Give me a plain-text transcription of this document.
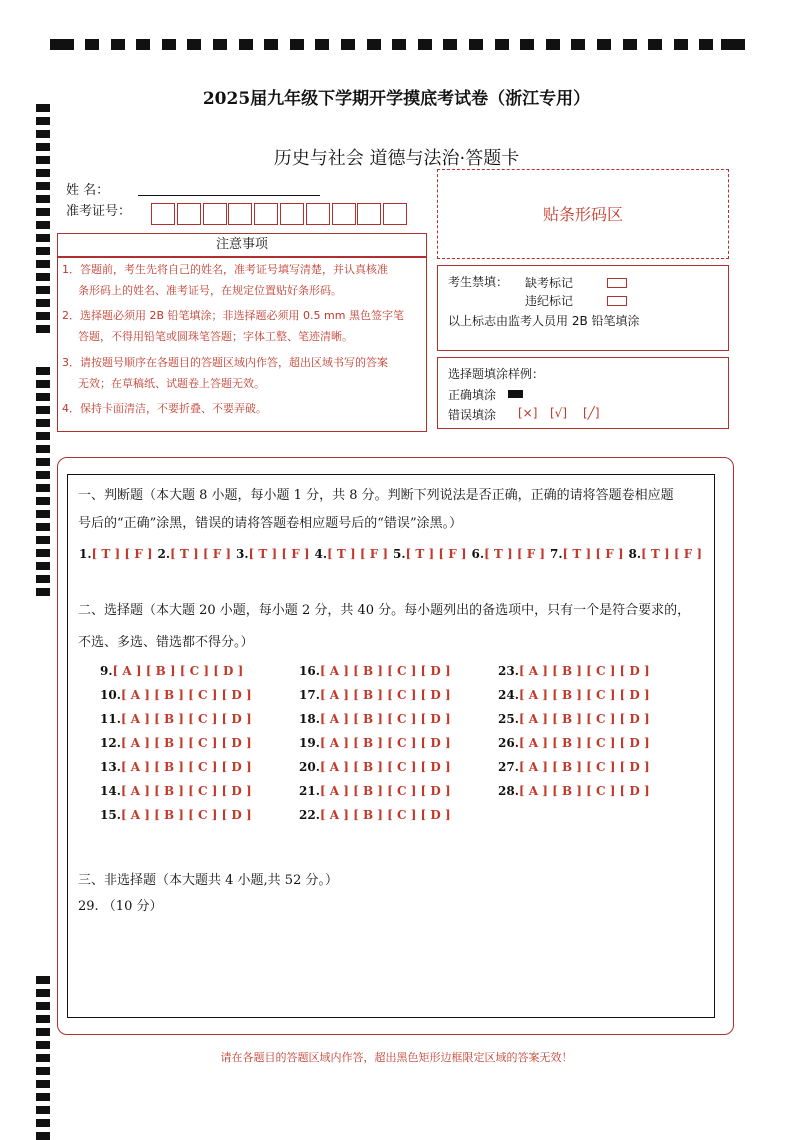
2025届九年级下学期开学摸底考试卷（浙江专用）
历史与社会 道德与法治·答题卡
姓 名：
准考证号：	贴条形码区
注意事项
1．答题前，考生先将自己的姓名，准考证号填写清楚，并认真核准
条形码上的姓名、准考证号，在规定位置贴好条形码。
2．选择题必须用 2B 铅笔填涂；非选择题必须用 0.5 mm 黑色签字笔
答题，不得用铅笔或圆珠笔答题；字体工整、笔迹清晰。
3．请按题号顺序在各题目的答题区域内作答，超出区域书写的答案
无效；在草稿纸、试题卷上答题无效。
4．保持卡面清洁，不要折叠、不要弄破。
考生禁填： 缺考标记
违纪标记
以上标志由监考人员用 2B 铅笔填涂
选择题填涂样例：
正确填涂
错误填涂 [×] [√] [╱]
一、判断题（本大题 8 小题，每小题 1 分，共 8 分。判断下列说法是否正确，正确的请将答题卷相应题
号后的“正确”涂黑，错误的请将答题卷相应题号后的“错误”涂黑。）
1.[ T ] [ F ] 2.[ T ] [ F ] 3.[ T ] [ F ] 4.[ T ] [ F ] 5.[ T ] [ F ] 6.[ T ] [ F ] 7.[ T ] [ F ] 8.[ T ] [ F ]
二、选择题（本大题 20 小题，每小题 2 分，共 40 分。每小题列出的备选项中，只有一个是符合要求的，
不选、多选、错选都不得分。）
9.[ A ] [ B ] [ C ] [ D ]
10.[ A ] [ B ] [ C ] [ D ]
11.[ A ] [ B ] [ C ] [ D ]
12.[ A ] [ B ] [ C ] [ D ]
13.[ A ] [ B ] [ C ] [ D ]
14.[ A ] [ B ] [ C ] [ D ]
15.[ A ] [ B ] [ C ] [ D ]
16.[ A ] [ B ] [ C ] [ D ]
17.[ A ] [ B ] [ C ] [ D ]
18.[ A ] [ B ] [ C ] [ D ]
19.[ A ] [ B ] [ C ] [ D ]
20.[ A ] [ B ] [ C ] [ D ]
21.[ A ] [ B ] [ C ] [ D ]
22.[ A ] [ B ] [ C ] [ D ]
23.[ A ] [ B ] [ C ] [ D ]
24.[ A ] [ B ] [ C ] [ D ]
25.[ A ] [ B ] [ C ] [ D ]
26.[ A ] [ B ] [ C ] [ D ]
27.[ A ] [ B ] [ C ] [ D ]
28.[ A ] [ B ] [ C ] [ D ]
三、非选择题（本大题共 4 小题,共 52 分。）
29. （10 分）
请在各题目的答题区域内作答，超出黑色矩形边框限定区域的答案无效！
